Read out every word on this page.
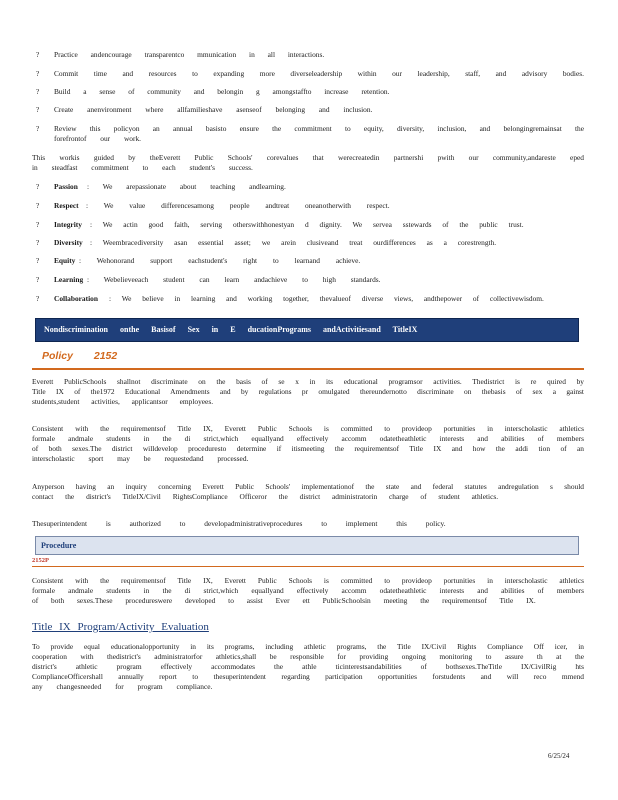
? Practice andencourage transparentco mmunication in all interactions.
? Commit time and resources to expanding more diverseleadership within our leadership, staff, and advisory bodies.
? Build a sense of community and belongin g amongstaffto increase retention.
? Create anenvironment where allfamilieshave asenseof belonging and inclusion.
? Review this policyon an annual basisto ensure the commitment to equity, diversity, inclusion, and belongingremainsat the
forefrontof our work.
This workis guided by theEverett Public Schools' corevalues that werecreatedin partnershi pwith our community,andareste eped
in steadfast commitment to each student's success.
? Passion : We arepassionate about teaching andlearning.
? Respect : We value differencesamong people andtreat oneanotherwith respect.
? Integrity : We actin good faith, serving otherswithhonestyan d dignity. We servea sstewards of the public trust.
? Diversity : Weembracediversity asan essential asset; we arein clusiveand treat ourdifferences as a corestrength.
? Equity : Wehonorand support eachstudent's right to learnand achieve.
? Learning : Webelieveeach student can learn andachieve to high standards.
? Collaboration : We believe in learning and working together, thevalueof diverse views, andthepower of collectivewisdom.
Nondiscrimination onthe Basisof Sex in E ducationPrograms andActivitiesand TitleIX
Policy 2152
Everett PublicSchools shallnot discriminate on the basis of se x in its educational programsor activities. Thedistrict is re quired by
Title IX of the1972 Educational Amendments and by regulations pr omulgated thereundernotto discriminate on thebasis of sex a gainst
students,student activities, applicantsor employees.
Consistent with the requirementsof Title IX, Everett Public Schools is committed to provideop portunities in interscholastic athletics
formale andmale students in the di strict,which equallyand effectively accomm odatetheathletic interests and abilities of members
of both sexes.The district willdevelop proceduresto determine if itismeeting the requirementsof Title IX and how the addi tion of an
interscholastic sport may be requestedand processed.
Anyperson having an inquiry concerning Everett Public Schools' implementationof the state and federal statutes andregulation s should
contact the district's TitleIX/Civil RightsCompliance Officeror the district administratorin charge of student athletics.
Thesuperintendent is authorized to developadministrativeprocedures to implement this policy.
Procedure
2152P
Consistent with the requirementsof Title IX, Everett Public Schools is committed to provideop portunities in interscholastic athletics
formale andmale students in the di strict,which equallyand effectively accomm odatetheathletic interests and abilities of members
of both sexes.These procedureswere developed to assist Ever ett PublicSchoolsin meeting the requirementsof Title IX.
Title IX Program/Activity Evaluation
To provide equal educationalopportunity in its programs, including athletic programs, the Title IX/Civil Rights Compliance Off icer, in
cooperation with thedistrict's administratorfor athletics,shall be responsible for providing ongoing monitoring to assure th at the
district's athletic program effectively accommodates the athle ticinterestsandabilities of bothsexes.TheTitle IX/CivilRig hts
ComplianceOfficershall annually report to thesuperintendent regarding participation opportunities forstudents and will reco mmend
any changesneeded for program compliance.
6/25/24
